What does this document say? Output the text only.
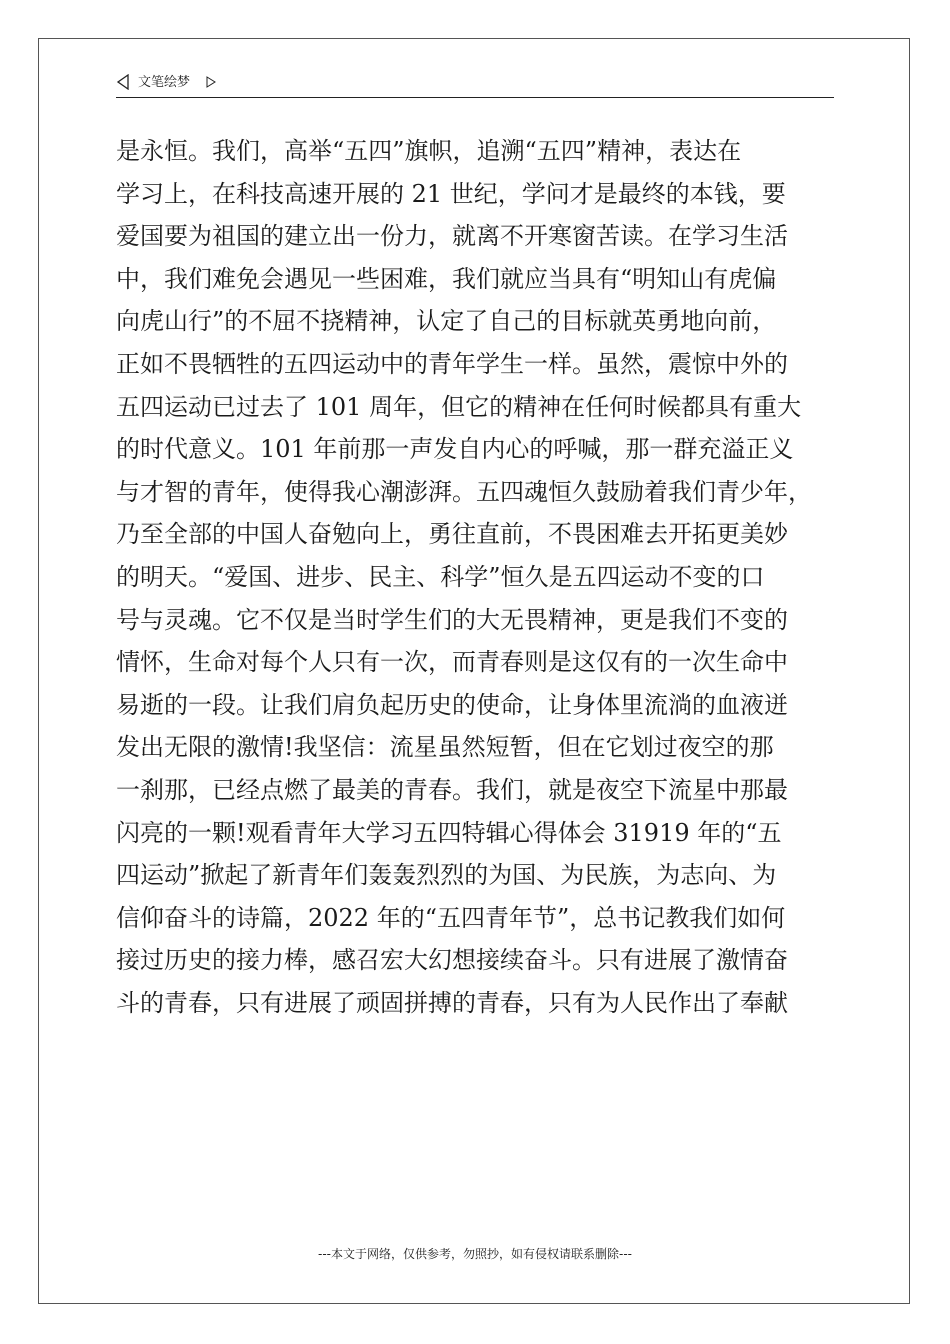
文笔绘梦
是永恒。我们，高举“五四”旗帜，追溯“五四”精神，表达在
学习上，在科技高速开展的 21 世纪，学问才是最终的本钱，要
爱国要为祖国的建立出一份力，就离不开寒窗苦读。在学习生活
中，我们难免会遇见一些困难，我们就应当具有“明知山有虎偏
向虎山行”的不屈不挠精神，认定了自己的目标就英勇地向前，
正如不畏牺牲的五四运动中的青年学生一样。虽然，震惊中外的
五四运动已过去了 101 周年，但它的精神在任何时候都具有重大
的时代意义。101 年前那一声发自内心的呼喊，那一群充溢正义
与才智的青年，使得我心潮澎湃。五四魂恒久鼓励着我们青少年，
乃至全部的中国人奋勉向上，勇往直前，不畏困难去开拓更美妙
的明天。“爱国、进步、民主、科学”恒久是五四运动不变的口
号与灵魂。它不仅是当时学生们的大无畏精神，更是我们不变的
情怀，生命对每个人只有一次，而青春则是这仅有的一次生命中
易逝的一段。让我们肩负起历史的使命，让身体里流淌的血液迸
发出无限的激情!我坚信：流星虽然短暂，但在它划过夜空的那
一刹那，已经点燃了最美的青春。我们，就是夜空下流星中那最
闪亮的一颗!观看青年大学习五四特辑心得体会 31919 年的“五
四运动”掀起了新青年们轰轰烈烈的为国、为民族，为志向、为
信仰奋斗的诗篇，2022 年的“五四青年节”，总书记教我们如何
接过历史的接力棒，感召宏大幻想接续奋斗。只有进展了激情奋
斗的青春，只有进展了顽固拼搏的青春，只有为人民作出了奉献
---本文于网络，仅供参考，勿照抄，如有侵权请联系删除---
